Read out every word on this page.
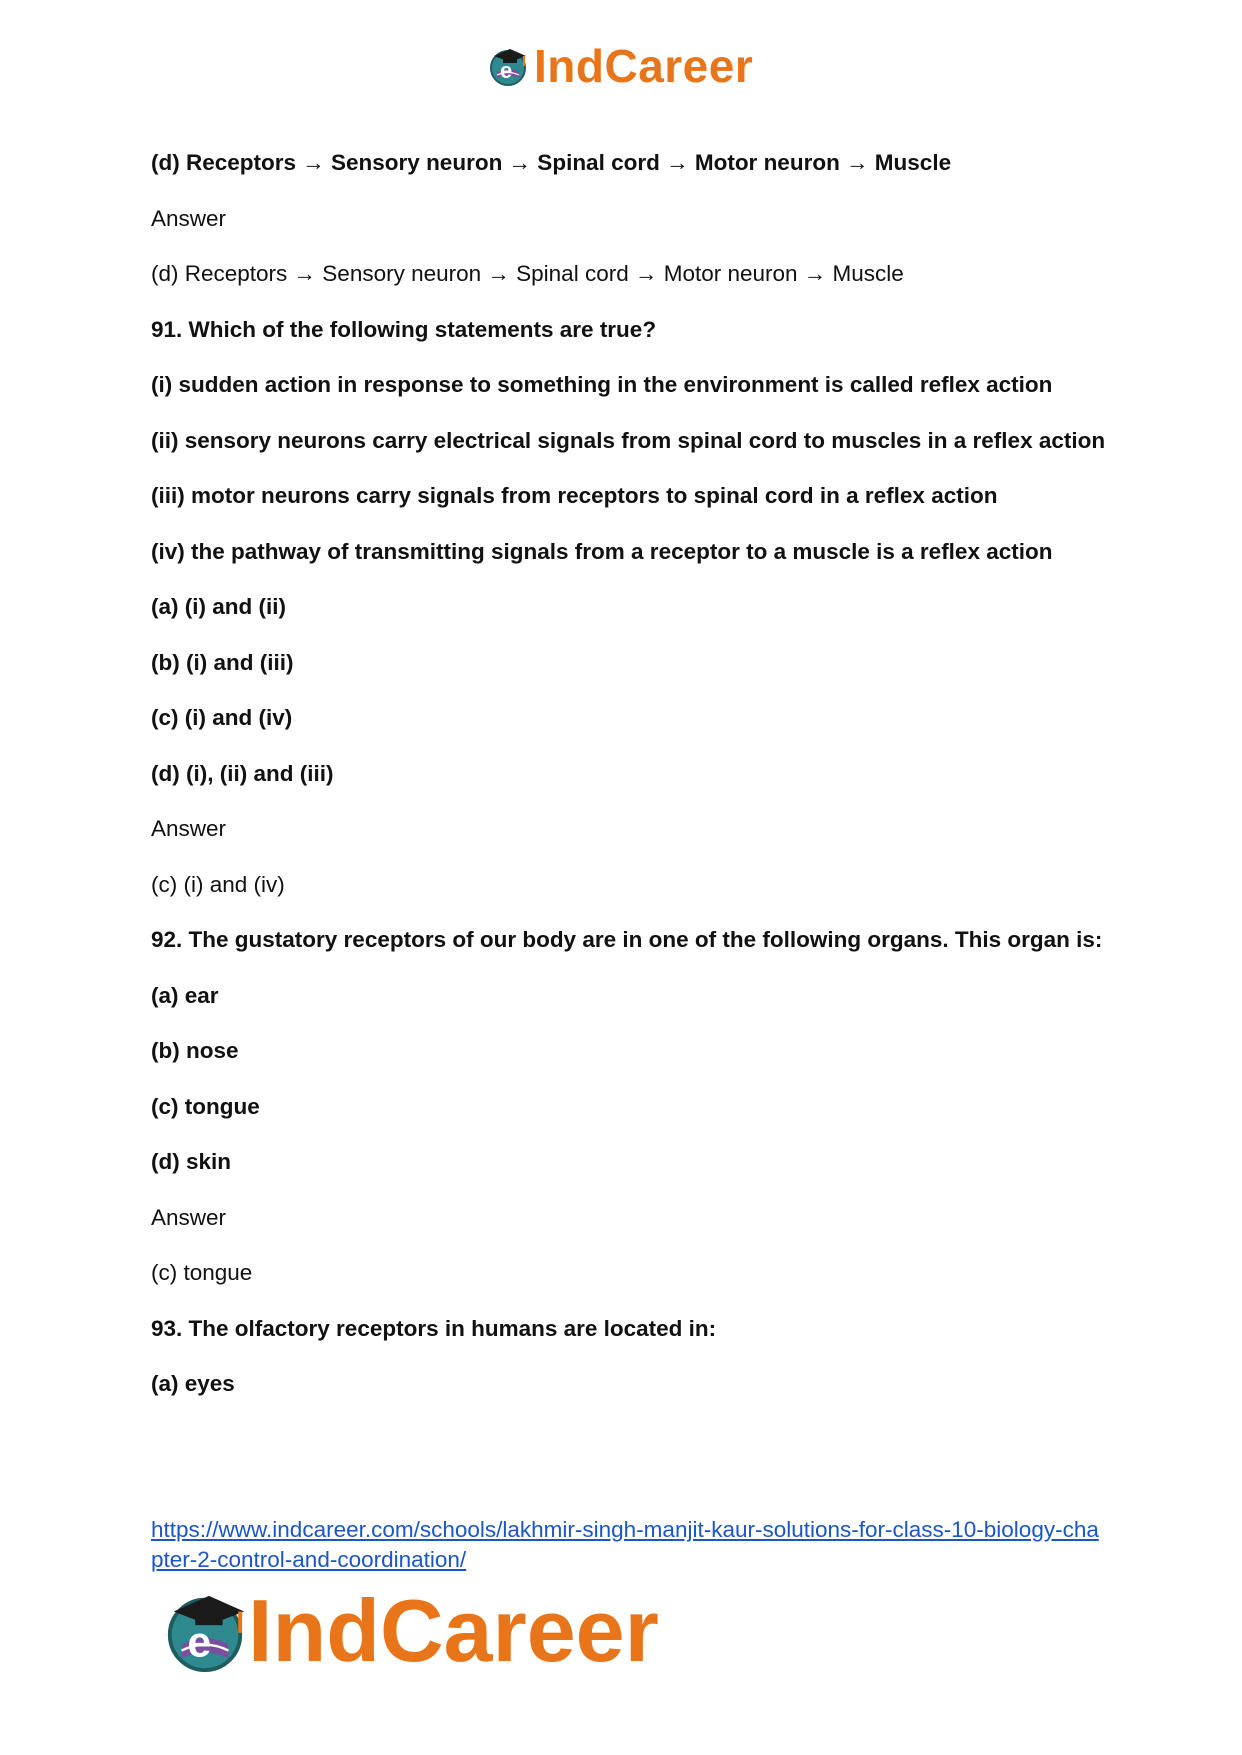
e IndCareer

(d) Receptors → Sensory neuron → Spinal cord → Motor neuron → Muscle

Answer

(d) Receptors → Sensory neuron → Spinal cord → Motor neuron → Muscle

91. Which of the following statements are true?

(i) sudden action in response to something in the environment is called reflex action

(ii) sensory neurons carry electrical signals from spinal cord to muscles in a reflex action

(iii) motor neurons carry signals from receptors to spinal cord in a reflex action

(iv) the pathway of transmitting signals from a receptor to a muscle is a reflex action

(a) (i) and (ii)

(b) (i) and (iii)

(c) (i) and (iv)

(d) (i), (ii) and (iii)

Answer

(c) (i) and (iv)

92. The gustatory receptors of our body are in one of the following organs. This organ is:

(a) ear

(b) nose

(c) tongue

(d) skin

Answer

(c) tongue

93. The olfactory receptors in humans are located in:

(a) eyes

https://www.indcareer.com/schools/lakhmir-singh-manjit-kaur-solutions-for-class-10-biology-chapter-2-control-and-coordination/
e IndCareer
